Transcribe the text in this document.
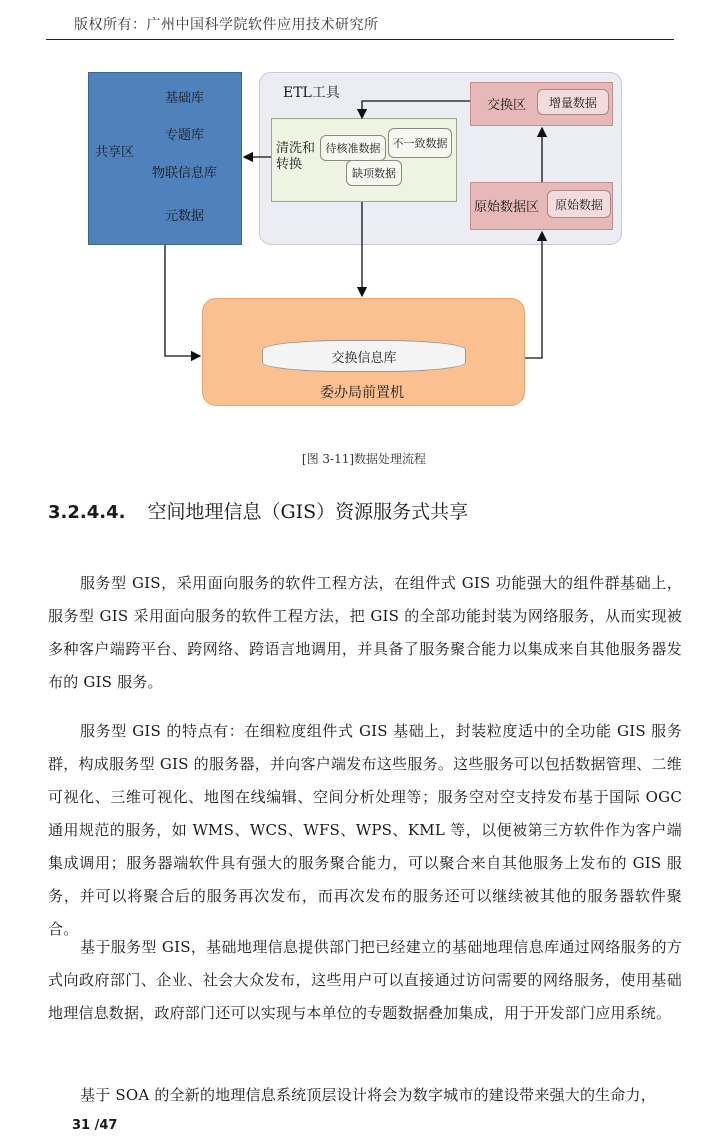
版权所有：广州中国科学院软件应用技术研究所
共享区
基础库
专题库
物联信息库
元数据
ETL工具
清洗和转换
待核准数据	不一致数据
缺项数据
交换区	增量数据
原始数据区	原始数据
交换信息库
委办局前置机
[图 3-11]数据处理流程
3.2.4.4. 空间地理信息（GIS）资源服务式共享

服务型 GIS，采用面向服务的软件工程方法，在组件式 GIS 功能强大的组件群基础上，服务型 GIS 采用面向服务的软件工程方法，把 GIS 的全部功能封装为网络服务，从而实现被多种客户端跨平台、跨网络、跨语言地调用，并具备了服务聚合能力以集成来自其他服务器发布的 GIS 服务。

服务型 GIS 的特点有：在细粒度组件式 GIS 基础上，封装粒度适中的全功能 GIS 服务群，构成服务型 GIS 的服务器，并向客户端发布这些服务。这些服务可以包括数据管理、二维可视化、三维可视化、地图在线编辑、空间分析处理等；服务空对空支持发布基于国际 OGC 通用规范的服务，如 WMS、WCS、WFS、WPS、KML 等，以便被第三方软件作为客户端集成调用；服务器端软件具有强大的服务聚合能力，可以聚合来自其他服务上发布的 GIS 服务，并可以将聚合后的服务再次发布，而再次发布的服务还可以继续被其他的服务器软件聚合。

基于服务型 GIS，基础地理信息提供部门把已经建立的基础地理信息库通过网络服务的方式向政府部门、企业、社会大众发布，这些用户可以直接通过访问需要的网络服务，使用基础地理信息数据，政府部门还可以实现与本单位的专题数据叠加集成，用于开发部门应用系统。

基于 SOA 的全新的地理信息系统顶层设计将会为数字城市的建设带来强大的生命力，

31 /47
